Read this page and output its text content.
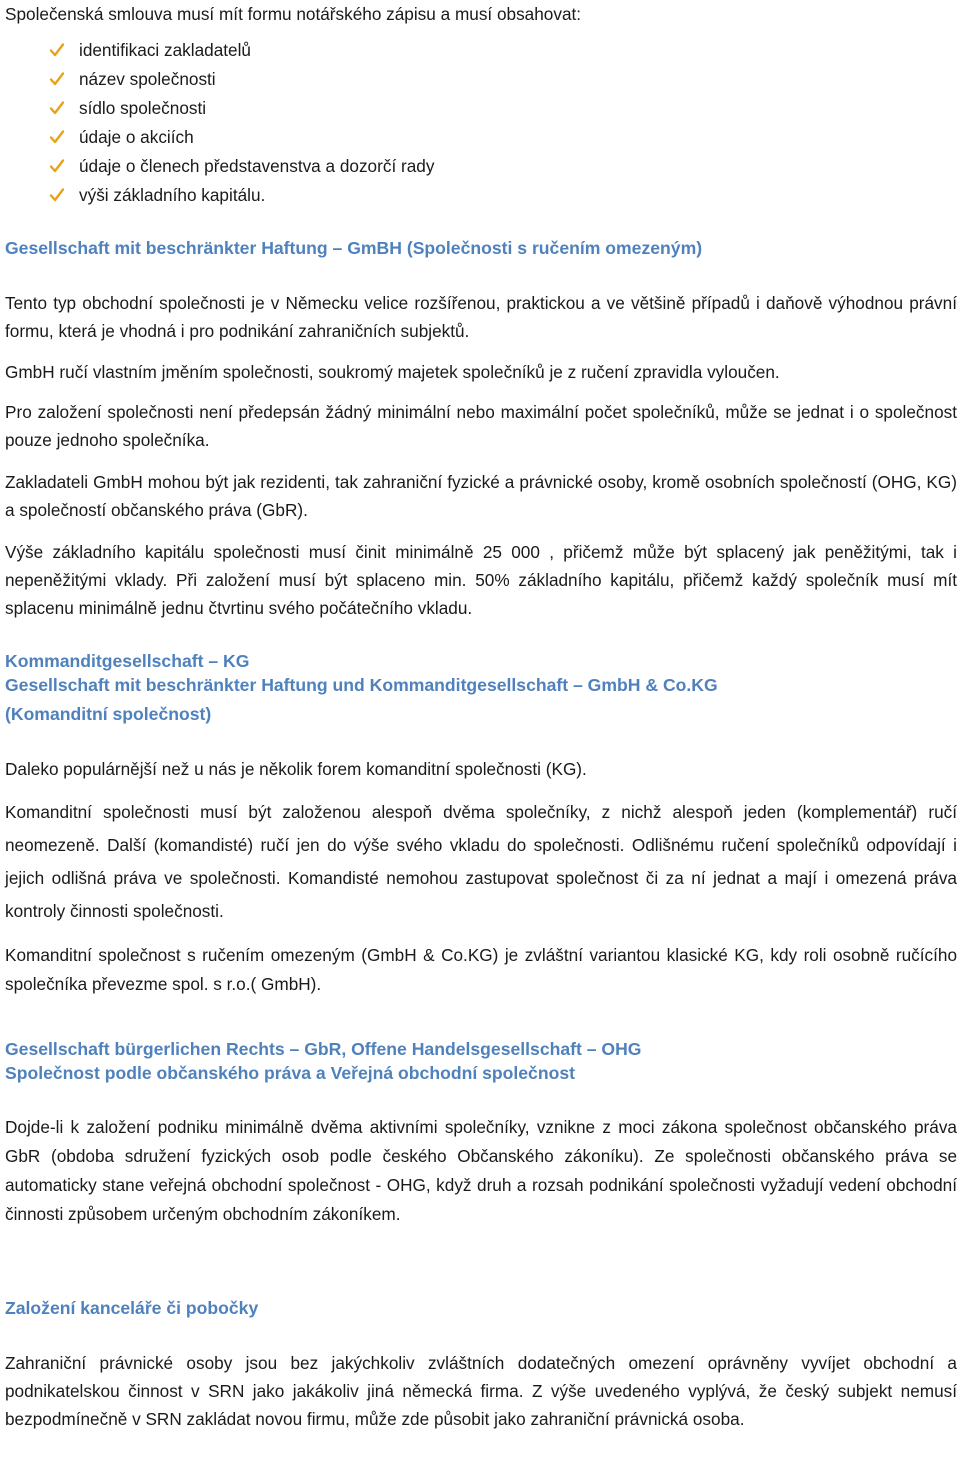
Společenská smlouva musí mít formu notářského zápisu a musí obsahovat:

identifikaci zakladatelů
název společnosti
sídlo společnosti
údaje o akciích
údaje o členech představenstva a dozorčí rady
výši základního kapitálu.
Gesellschaft mit beschränkter Haftung – GmBH (Společnosti s ručením omezeným)

Tento typ obchodní společnosti je v Německu velice rozšířenou, praktickou a ve většině případů i daňově výhodnou právní formu, která je vhodná i pro podnikání zahraničních subjektů.

GmbH ručí vlastním jměním společnosti, soukromý majetek společníků je z ručení zpravidla vyloučen.

Pro založení společnosti není předepsán žádný minimální nebo maximální počet společníků, může se jednat i o společnost pouze jednoho společníka.

Zakladateli GmbH mohou být jak rezidenti, tak zahraniční fyzické a právnické osoby, kromě osobních společností (OHG, KG) a společností občanského práva (GbR).

Výše základního kapitálu společnosti musí činit minimálně 25 000 , přičemž může být splacený jak peněžitými, tak i nepeněžitými vklady. Při založení musí být splaceno min. 50% základního kapitálu, přičemž každý společník musí mít splacenu minimálně jednu čtvrtinu svého počátečního vkladu.

Kommanditgesellschaft – KG
Gesellschaft mit beschränkter Haftung und Kommanditgesellschaft – GmbH & Co.KG
(Komanditní společnost)

Daleko populárnější než u nás je několik forem komanditní společnosti (KG).

Komanditní společnosti musí být založenou alespoň dvěma společníky, z nichž alespoň jeden (komplementář) ručí neomezeně. Další (komandisté) ručí jen do výše svého vkladu do společnosti. Odlišnému ručení společníků odpovídají i jejich odlišná práva ve společnosti. Komandisté nemohou zastupovat společnost či za ní jednat a mají i omezená práva kontroly činnosti společnosti.

Komanditní společnost s ručením omezeným (GmbH & Co.KG) je zvláštní variantou klasické KG, kdy roli osobně ručícího společníka převezme spol. s r.o.( GmbH).

Gesellschaft bürgerlichen Rechts – GbR, Offene Handelsgesellschaft – OHG
Společnost podle občanského práva a Veřejná obchodní společnost

Dojde-li k založení podniku minimálně dvěma aktivními společníky, vznikne z moci zákona společnost občanského práva GbR (obdoba sdružení fyzických osob podle českého Občanského zákoníku). Ze společnosti občanského práva se automaticky stane veřejná obchodní společnost - OHG, když druh a rozsah podnikání společnosti vyžadují vedení obchodní činnosti způsobem určeným obchodním zákoníkem.

Založení kanceláře či pobočky

Zahraniční právnické osoby jsou bez jakýchkoliv zvláštních dodatečných omezení oprávněny vyvíjet obchodní a podnikatelskou činnost v SRN jako jakákoliv jiná německá firma. Z výše uvedeného vyplývá, že český subjekt nemusí bezpodmínečně v SRN zakládat novou firmu, může zde působit jako zahraniční právnická osoba.
